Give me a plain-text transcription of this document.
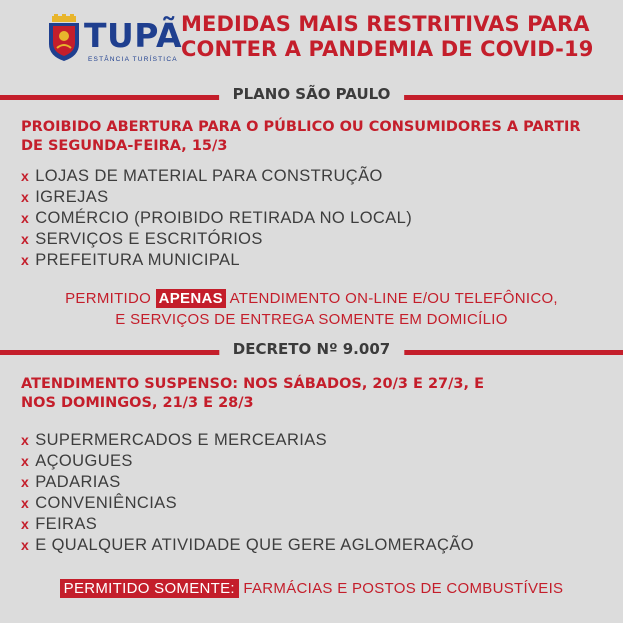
TUPÃ
ESTÂNCIA TURÍSTICA
MEDIDAS MAIS RESTRITIVAS PARA
CONTER A PANDEMIA DE COVID-19
PLANO SÃO PAULO
PROIBIDO ABERTURA PARA O PÚBLICO OU CONSUMIDORES A PARTIR
DE SEGUNDA-FEIRA, 15/3
x LOJAS DE MATERIAL PARA CONSTRUÇÃO
x IGREJAS
x COMÉRCIO (PROIBIDO RETIRADA NO LOCAL)
x SERVIÇOS E ESCRITÓRIOS
x PREFEITURA MUNICIPAL
PERMITIDO APENAS ATENDIMENTO ON-LINE E/OU TELEFÔNICO,
E SERVIÇOS DE ENTREGA SOMENTE EM DOMICÍLIO
DECRETO Nº 9.007
ATENDIMENTO SUSPENSO: NOS SÁBADOS, 20/3 E 27/3, E
NOS DOMINGOS, 21/3 E 28/3
x SUPERMERCADOS E MERCEARIAS
x AÇOUGUES
x PADARIAS
x CONVENIÊNCIAS
x FEIRAS
x E QUALQUER ATIVIDADE QUE GERE AGLOMERAÇÃO
PERMITIDO SOMENTE: FARMÁCIAS E POSTOS DE COMBUSTÍVEIS
